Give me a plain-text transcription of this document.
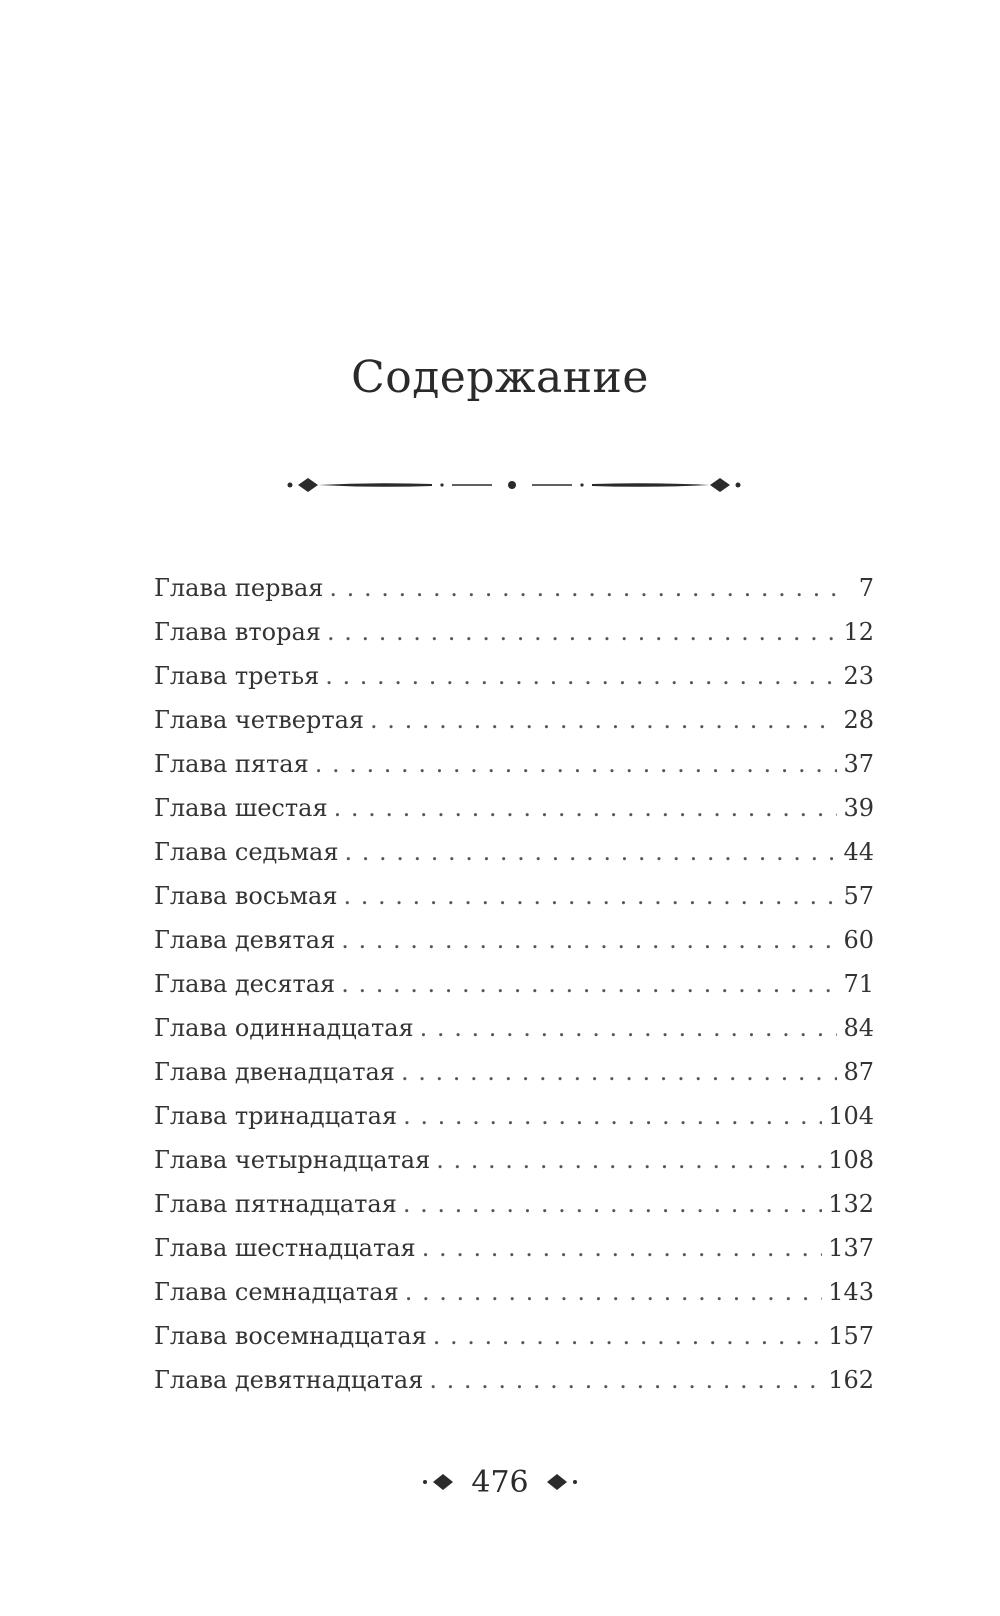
Содержание
Глава первая . . .	7
Глава вторая . . .	12
Глава третья . . .	23
Глава четвертая . . .	28
Глава пятая . . .	37
Глава шестая . . .	39
Глава седьмая . . .	44
Глава восьмая . . .	57
Глава девятая . . .	60
Глава десятая . . .	71
Глава одиннадцатая . . .	84
Глава двенадцатая . . .	87
Глава тринадцатая . . .	104
Глава четырнадцатая . . .	108
Глава пятнадцатая . . .	132
Глава шестнадцатая . . .	137
Глава семнадцатая . . .	143
Глава восемнадцатая . . .	157
Глава девятнадцатая . . .	162
476
